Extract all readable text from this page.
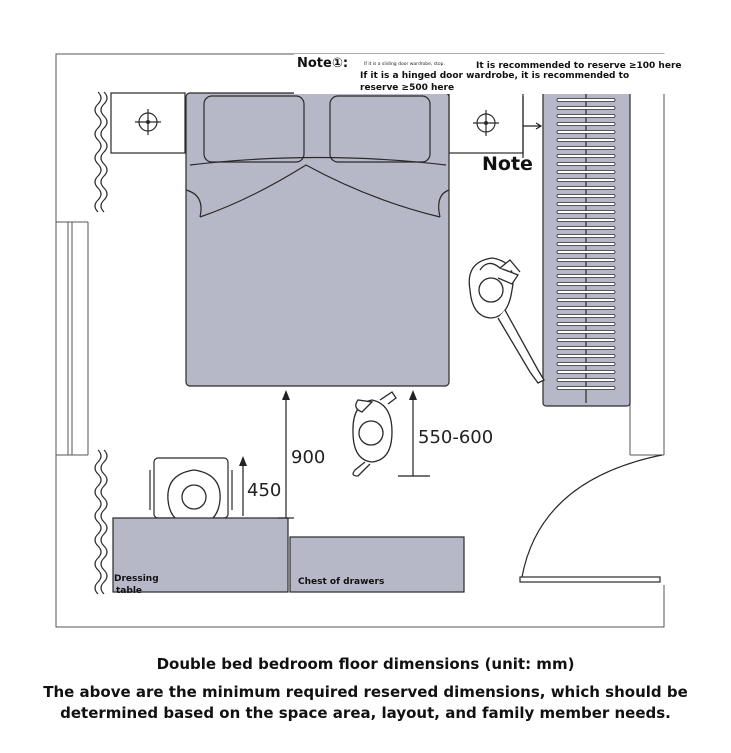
Dressing
table
Chest of drawers
900
550-600
450
Note①:	If it is a sliding door wardrobe, stop.	It is recommended to reserve ≥100 here
If it is a hinged door wardrobe, it is recommended to
reserve ≥500 here
Note

Double bed bedroom floor dimensions (unit: mm)

The above are the minimum required reserved dimensions, which should be determined based on the space area, layout, and family member needs.
